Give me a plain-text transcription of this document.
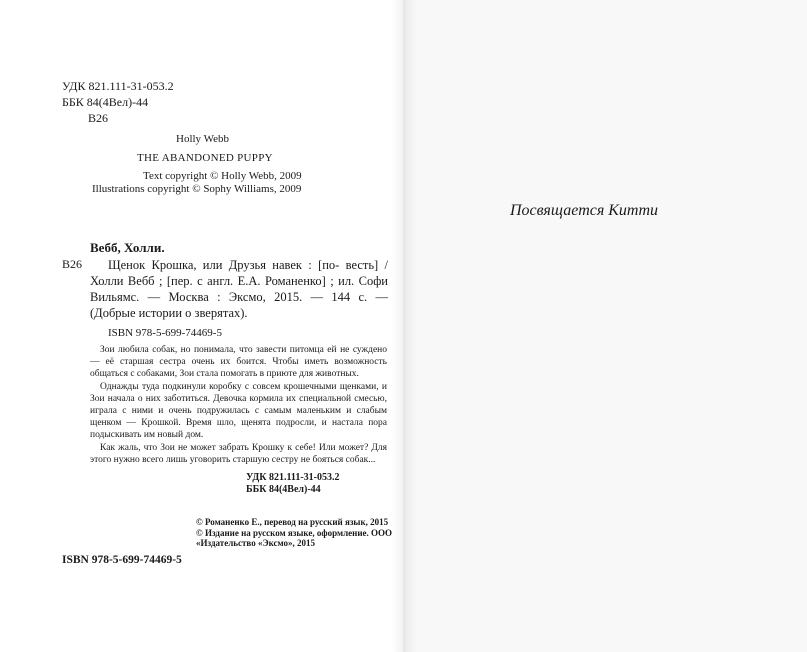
УДК 821.111-31-053.2
ББК 84(4Вел)-44
В26
Holly Webb
THE ABANDONED PUPPY
Text copyright © Holly Webb, 2009
Illustrations copyright © Sophy Williams, 2009
Вебб, Холли.
В26	Щенок Крошка, или Друзья навек : [по- весть] / Холли Вебб ; [пер. с англ. Е.А. Романенко] ; ил. Софи Вильямс. — Москва : Эксмо, 2015. — 144 с. — (Добрые истории о зверятах).

ISBN 978-5-699-74469-5

Зои любила собак, но понимала, что завести питомца ей не суждено — её старшая сестра очень их боится. Чтобы иметь возможность общаться с собаками, Зои стала помогать в приюте для животных.

Однажды туда подкинули коробку с совсем крошечными щенками, и Зои начала о них заботиться. Девочка кормила их специальной смесью, играла с ними и очень подружилась с самым маленьким и слабым щенком — Крошкой. Время шло, щенята подросли, и настала пора подыскивать им новый дом.

Как жаль, что Зои не может забрать Крошку к себе! Или может? Для этого нужно всего лишь уговорить старшую сестру не бояться собак...

УДК 821.111-31-053.2
ББК 84(4Вел)-44

© Романенко Е., перевод на русский язык, 2015

© Издание на русском языке, оформление. ООО «Издательство «Эксмо», 2015

ISBN 978-5-699-74469-5
Посвящается Китти
